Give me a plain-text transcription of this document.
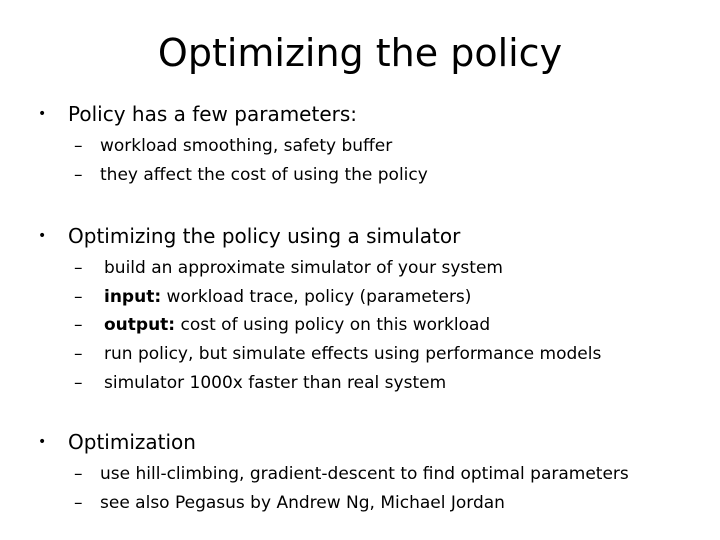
Optimizing the policy
•	Policy has a few parameters:
– workload smoothing, safety buffer
– they affect the cost of using the policy
•	Optimizing the policy using a simulator
– build an approximate simulator of your system
– input: workload trace, policy (parameters)
– output: cost of using policy on this workload
– run policy, but simulate effects using performance models
– simulator 1000x faster than real system
•	Optimization
– use hill-climbing, gradient-descent to find optimal parameters
– see also Pegasus by Andrew Ng, Michael Jordan
